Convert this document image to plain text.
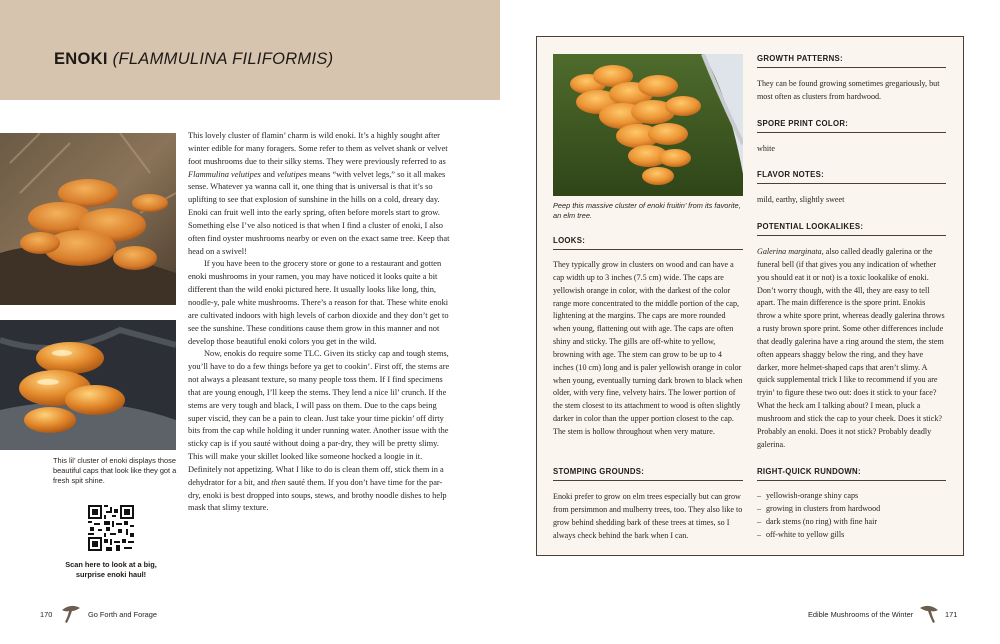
ENOKI (FLAMMULINA FILIFORMIS)

This lil’ cluster of enoki displays those beautiful caps that look like they got a fresh spit shine.

Scan here to look at a big, surprise enoki haul!

This lovely cluster of flamin’ charm is wild enoki. It’s a highly sought after winter edible for many foragers. Some refer to them as velvet shank or velvet foot mushrooms due to their silky stems. They were previously referred to as Flammulina velutipes and velutipes means “with velvet legs,” so it all makes sense. Whatever ya wanna call it, one thing that is universal is that it’s so uplifting to see that explosion of sunshine in the hills on a cold, dreary day. Enoki can fruit well into the early spring, often before morels start to grow. Something else I’ve also noticed is that when I find a cluster of enoki, I also often find oyster mushrooms nearby or even on the exact same tree. Keep that head on a swivel!

If you have been to the grocery store or gone to a restaurant and gotten enoki mushrooms in your ramen, you may have noticed it looks quite a bit different than the wild enoki pictured here. It usually looks like long, thin, noodle-y, pale white mushrooms. There’s a reason for that. These white enoki are cultivated indoors with high levels of carbon dioxide and they don’t get to see the sunshine. These conditions cause them grow in this manner and not develop those beautiful enoki colors you get in the wild.

Now, enokis do require some TLC. Given its sticky cap and tough stems, you’ll have to do a few things before ya get to cookin’. First off, the stems are not always a pleasant texture, so many people toss them. If I find specimens that are young enough, I’ll keep the stems. They lend a nice lil’ crunch. If the stems are very tough and black, I will pass on them. Due to the caps being super viscid, they can be a pain to clean. Just take your time pickin’ off dirty bits from the cap while holding it under running water. Another issue with the sticky cap is if you sauté without doing a par-dry, they will be pretty slimy. This will make your skillet looked like someone hocked a loogie in it. Definitely not appetizing. What I like to do is clean them off, stick them in a dehydrator for a bit, and then sauté them. If you don’t have time for the par-dry, enoki is best dropped into soups, stews, and brothy noodle dishes to help mask that slimy texture.

170	Go Forth and Forage

Peep this massive cluster of enoki fruitin’ from its favorite, an elm tree.

LOOKS:

They typically grow in clusters on wood and can have a cap width up to 3 inches (7.5 cm) wide. The caps are yellowish orange in color, with the darkest of the color range more concentrated to the middle portion of the cap, lightening at the margins. The caps are more rounded when young, flattening out with age. The caps are often shiny and sticky. The gills are off-white to yellow, browning with age. The stem can grow to be up to 4 inches (10 cm) long and is paler yellowish orange in color when young, eventually turning dark brown to black when older, with very fine, velvety hairs. The lower portion of the stem closest to its attachment to wood is often slightly darker in color than the upper portion closest to the cap. The stem is hollow throughout when very mature.

STOMPING GROUNDS:

Enoki prefer to grow on elm trees especially but can grow from persimmon and mulberry trees, too. They also like to grow behind shedding bark of these trees at times, so I always check behind the bark when I can.

GROWTH PATTERNS:

They can be found growing sometimes gregariously, but most often as clusters from hardwood.

SPORE PRINT COLOR:

white

FLAVOR NOTES:

mild, earthy, slightly sweet

POTENTIAL LOOKALIKES:

Galerina marginata, also called deadly galerina or the funeral bell (if that gives you any indication of whether you should eat it or not) is a toxic lookalike of enoki. Don’t worry though, with the 4ll, they are easy to tell apart. The main difference is the spore print. Enokis throw a white spore print, whereas deadly galerina throws a rusty brown spore print. Some other differences include that deadly galerina have a ring around the stem, the stem often appears shaggy below the ring, and they have darker, more helmet-shaped caps that aren’t slimy. A quick supplemental trick I like to recommend if you are tryin’ to figure these two out: does it stick to your face? What the heck am I talking about? I mean, pluck a mushroom and stick the cap to your cheek. Does it stick? Probably an enoki. Does it not stick? Probably deadly galerina.

RIGHT-QUICK RUNDOWN:
– yellowish-orange shiny caps
– growing in clusters from hardwood
– dark stems (no ring) with fine hair
– off-white to yellow gills
Edible Mushrooms of the Winter	171
